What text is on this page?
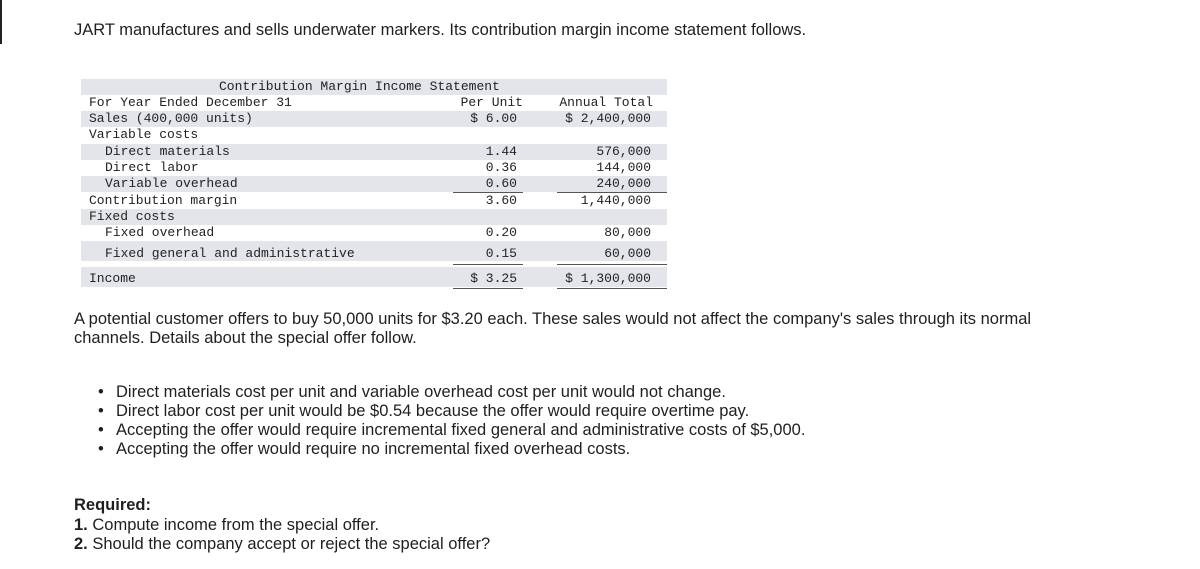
JART manufactures and sells underwater markers. Its contribution margin income statement follows.
Contribution Margin Income Statement
For Year Ended December 31	Per Unit	Annual Total
Sales (400,000 units)	$ 6.00	$ 2,400,000
Variable costs
Direct materials	1.44	576,000
Direct labor	0.36	144,000
Variable overhead	0.60	240,000
Contribution margin	3.60	1,440,000
Fixed costs
Fixed overhead	0.20	80,000
Fixed general and administrative	0.15	60,000
Income	$ 3.25	$ 1,300,000
A potential customer offers to buy 50,000 units for $3.20 each. These sales would not affect the company's sales through its normal channels. Details about the special offer follow.
• Direct materials cost per unit and variable overhead cost per unit would not change.
• Direct labor cost per unit would be $0.54 because the offer would require overtime pay.
• Accepting the offer would require incremental fixed general and administrative costs of $5,000.
• Accepting the offer would require no incremental fixed overhead costs.
Required:
1. Compute income from the special offer.
2. Should the company accept or reject the special offer?
